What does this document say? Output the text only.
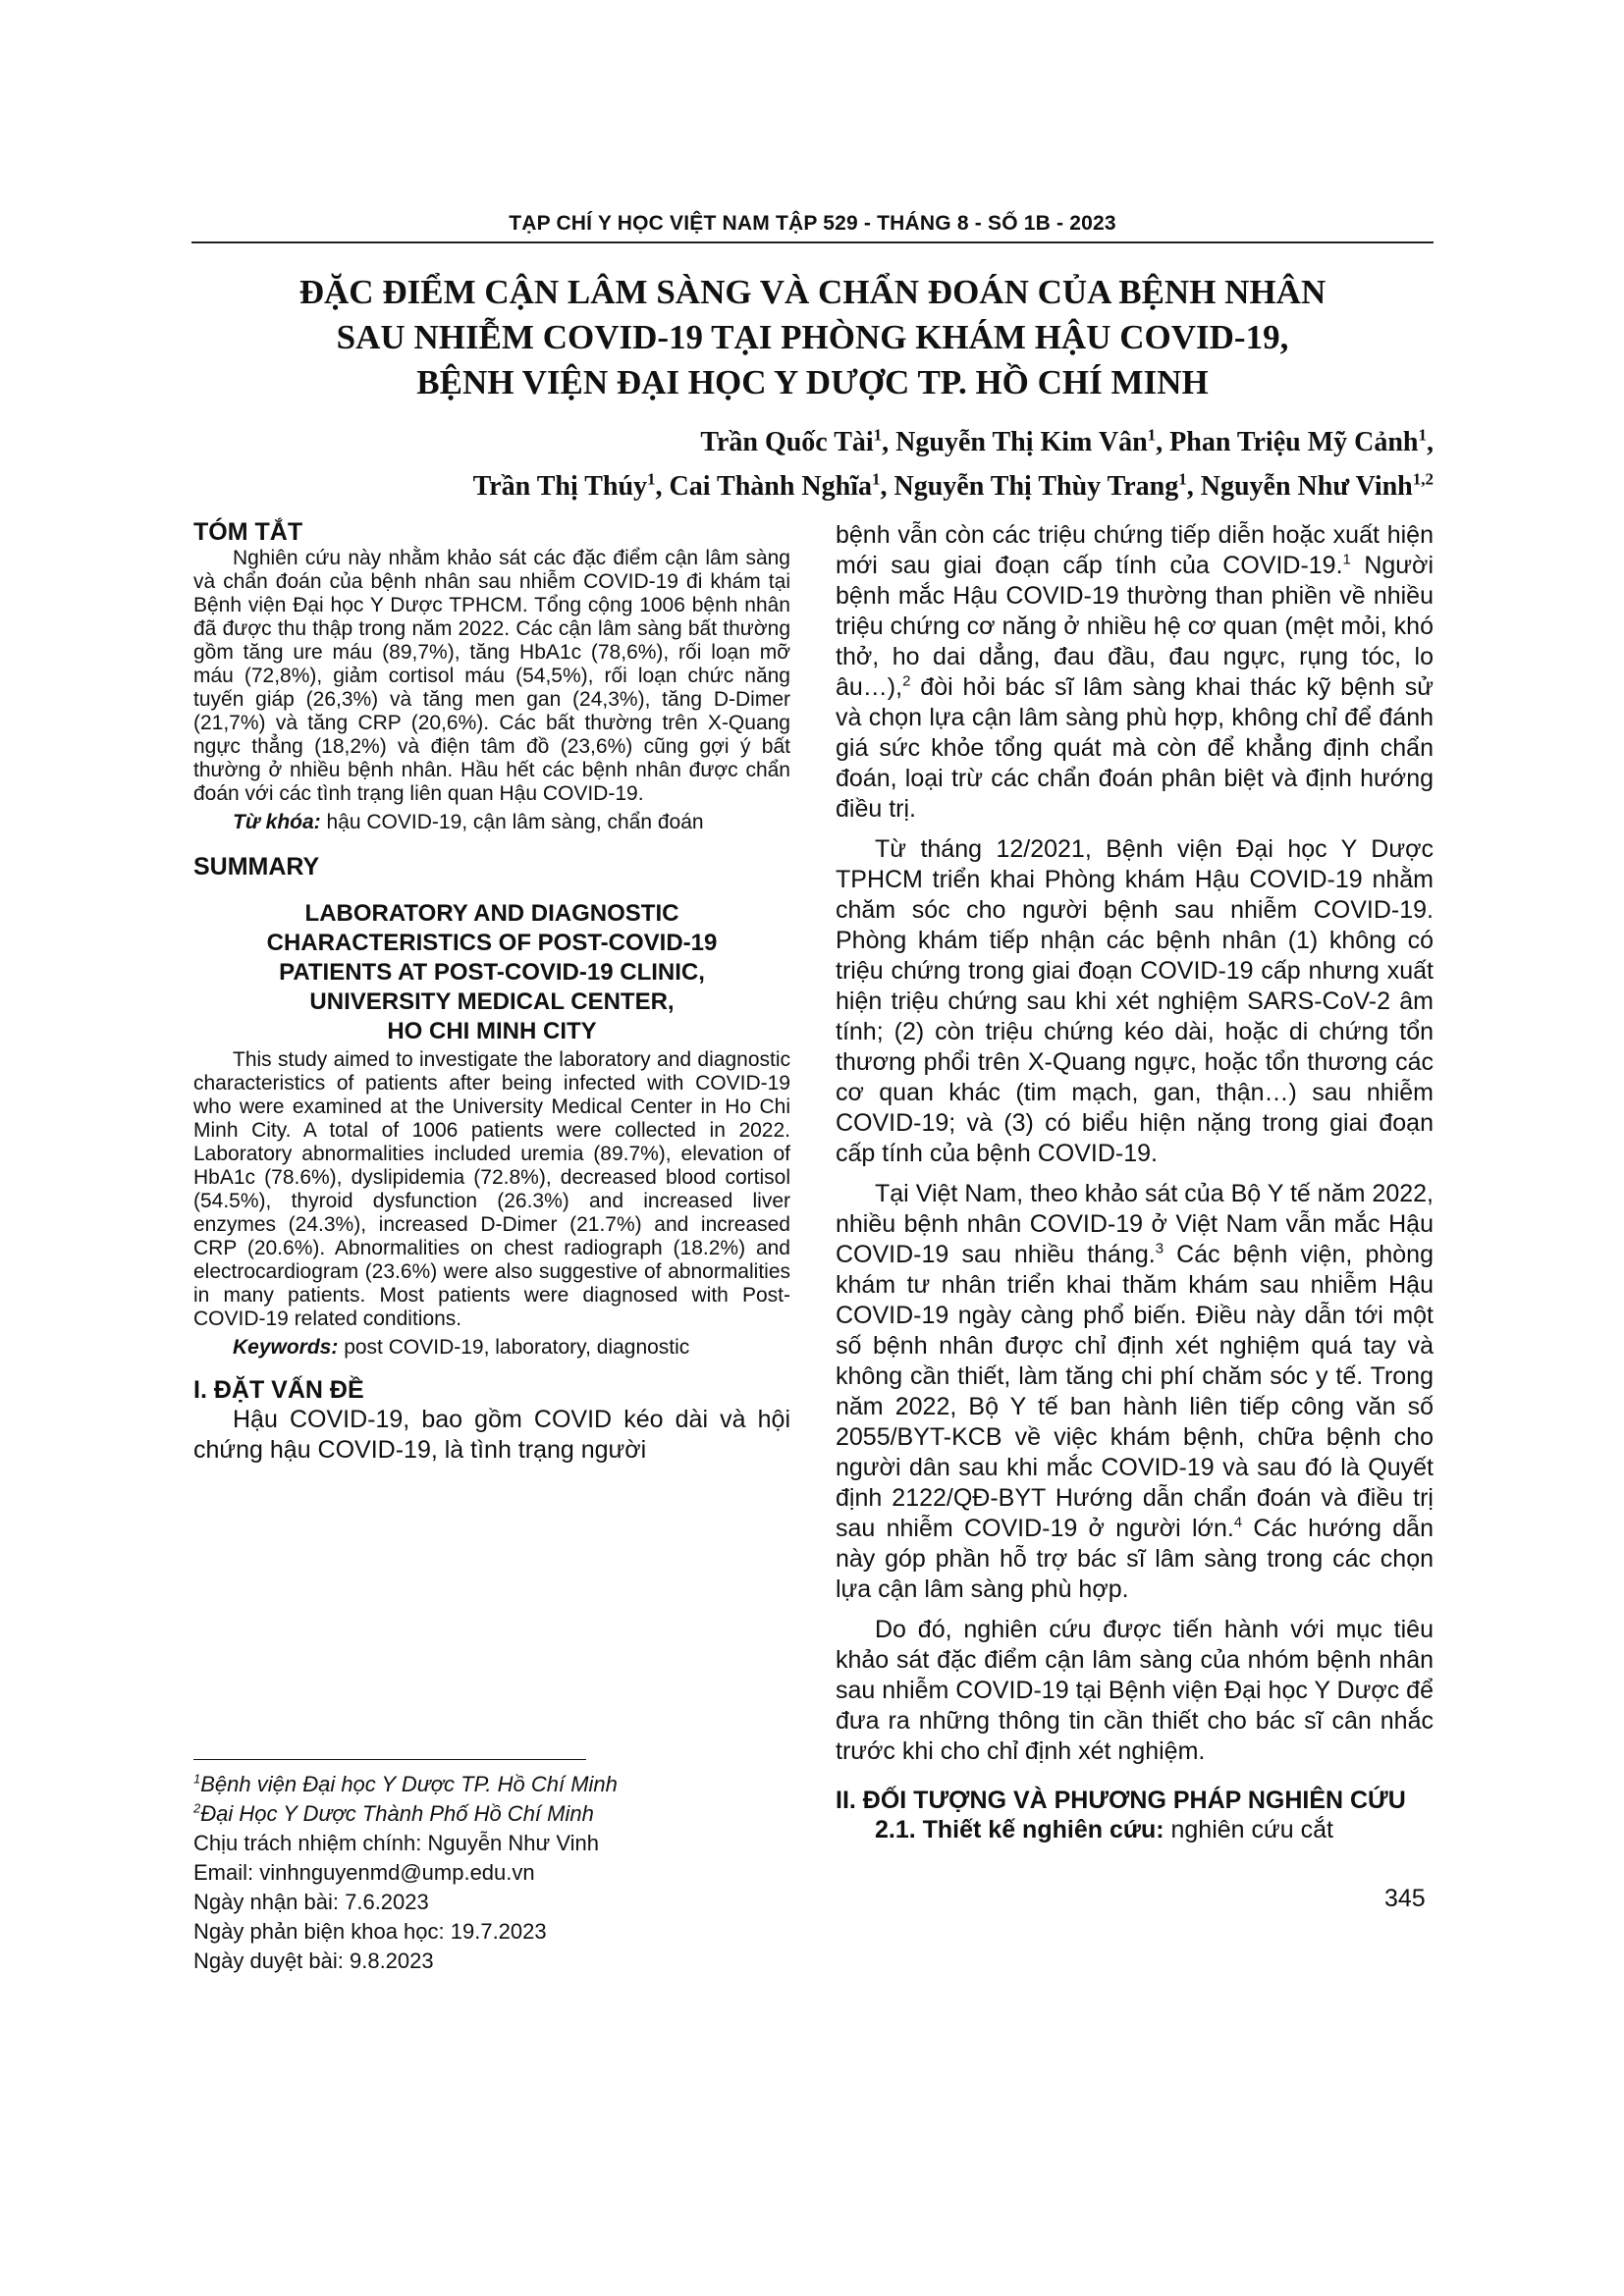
TẠP CHÍ Y HỌC VIỆT NAM TẬP 529 - THÁNG 8 - SỐ 1B - 2023
ĐẶC ĐIỂM CẬN LÂM SÀNG VÀ CHẨN ĐOÁN CỦA BỆNH NHÂN
SAU NHIỄM COVID-19 TẠI PHÒNG KHÁM HẬU COVID-19,
BỆNH VIỆN ĐẠI HỌC Y DƯỢC TP. HỒ CHÍ MINH
Trần Quốc Tài$^1$, Nguyễn Thị Kim Vân$^1$, Phan Triệu Mỹ Cảnh$^1$,
Trần Thị Thúy$^1$, Cai Thành Nghĩa$^1$, Nguyễn Thị Thùy Trang$^1$, Nguyễn Như Vinh$^{1,2}$
TÓM TẮT

Nghiên cứu này nhằm khảo sát các đặc điểm cận lâm sàng và chẩn đoán của bệnh nhân sau nhiễm COVID-19 đi khám tại Bệnh viện Đại học Y Dược TPHCM. Tổng cộng 1006 bệnh nhân đã được thu thập trong năm 2022. Các cận lâm sàng bất thường gồm tăng ure máu (89,7%), tăng HbA1c (78,6%), rối loạn mỡ máu (72,8%), giảm cortisol máu (54,5%), rối loạn chức năng tuyến giáp (26,3%) và tăng men gan (24,3%), tăng D-Dimer (21,7%) và tăng CRP (20,6%). Các bất thường trên X-Quang ngực thẳng (18,2%) và điện tâm đồ (23,6%) cũng gợi ý bất thường ở nhiều bệnh nhân. Hầu hết các bệnh nhân được chẩn đoán với các tình trạng liên quan Hậu COVID-19.

Từ khóa: hậu COVID-19, cận lâm sàng, chẩn đoán

SUMMARY
LABORATORY AND DIAGNOSTIC
CHARACTERISTICS OF POST-COVID-19
PATIENTS AT POST-COVID-19 CLINIC,
UNIVERSITY MEDICAL CENTER,
HO CHI MINH CITY

This study aimed to investigate the laboratory and diagnostic characteristics of patients after being infected with COVID-19 who were examined at the University Medical Center in Ho Chi Minh City. A total of 1006 patients were collected in 2022. Laboratory abnormalities included uremia (89.7%), elevation of HbA1c (78.6%), dyslipidemia (72.8%), decreased blood cortisol (54.5%), thyroid dysfunction (26.3%) and increased liver enzymes (24.3%), increased D-Dimer (21.7%) and increased CRP (20.6%). Abnormalities on chest radiograph (18.2%) and electrocardiogram (23.6%) were also suggestive of abnormalities in many patients. Most patients were diagnosed with Post-COVID-19 related conditions.

Keywords: post COVID-19, laboratory, diagnostic

I. ĐẶT VẤN ĐỀ

Hậu COVID-19, bao gồm COVID kéo dài và hội chứng hậu COVID-19, là tình trạng người

$^1$Bệnh viện Đại học Y Dược TP. Hồ Chí Minh
$^2$Đại Học Y Dược Thành Phố Hồ Chí Minh
Chịu trách nhiệm chính: Nguyễn Như Vinh
Email: vinhnguyenmd@ump.edu.vn
Ngày nhận bài: 7.6.2023
Ngày phản biện khoa học: 19.7.2023
Ngày duyệt bài: 9.8.2023

bệnh vẫn còn các triệu chứng tiếp diễn hoặc xuất hiện mới sau giai đoạn cấp tính của COVID-19.$^1$ Người bệnh mắc Hậu COVID-19 thường than phiền về nhiều triệu chứng cơ năng ở nhiều hệ cơ quan (mệt mỏi, khó thở, ho dai dẳng, đau đầu, đau ngực, rụng tóc, lo âu…),$^2$ đòi hỏi bác sĩ lâm sàng khai thác kỹ bệnh sử và chọn lựa cận lâm sàng phù hợp, không chỉ để đánh giá sức khỏe tổng quát mà còn để khẳng định chẩn đoán, loại trừ các chẩn đoán phân biệt và định hướng điều trị.

Từ tháng 12/2021, Bệnh viện Đại học Y Dược TPHCM triển khai Phòng khám Hậu COVID-19 nhằm chăm sóc cho người bệnh sau nhiễm COVID-19. Phòng khám tiếp nhận các bệnh nhân (1) không có triệu chứng trong giai đoạn COVID-19 cấp nhưng xuất hiện triệu chứng sau khi xét nghiệm SARS-CoV-2 âm tính; (2) còn triệu chứng kéo dài, hoặc di chứng tổn thương phổi trên X-Quang ngực, hoặc tổn thương các cơ quan khác (tim mạch, gan, thận…) sau nhiễm COVID-19; và (3) có biểu hiện nặng trong giai đoạn cấp tính của bệnh COVID-19.

Tại Việt Nam, theo khảo sát của Bộ Y tế năm 2022, nhiều bệnh nhân COVID-19 ở Việt Nam vẫn mắc Hậu COVID-19 sau nhiều tháng.$^3$ Các bệnh viện, phòng khám tư nhân triển khai thăm khám sau nhiễm Hậu COVID-19 ngày càng phổ biến. Điều này dẫn tới một số bệnh nhân được chỉ định xét nghiệm quá tay và không cần thiết, làm tăng chi phí chăm sóc y tế. Trong năm 2022, Bộ Y tế ban hành liên tiếp công văn số 2055/BYT-KCB về việc khám bệnh, chữa bệnh cho người dân sau khi mắc COVID-19 và sau đó là Quyết định 2122/QĐ-BYT Hướng dẫn chẩn đoán và điều trị sau nhiễm COVID-19 ở người lớn.$^4$ Các hướng dẫn này góp phần hỗ trợ bác sĩ lâm sàng trong các chọn lựa cận lâm sàng phù hợp.

Do đó, nghiên cứu được tiến hành với mục tiêu khảo sát đặc điểm cận lâm sàng của nhóm bệnh nhân sau nhiễm COVID-19 tại Bệnh viện Đại học Y Dược để đưa ra những thông tin cần thiết cho bác sĩ cân nhắc trước khi cho chỉ định xét nghiệm.

II. ĐỐI TƯỢNG VÀ PHƯƠNG PHÁP NGHIÊN CỨU

2.1. Thiết kế nghiên cứu: nghiên cứu cắt

345
